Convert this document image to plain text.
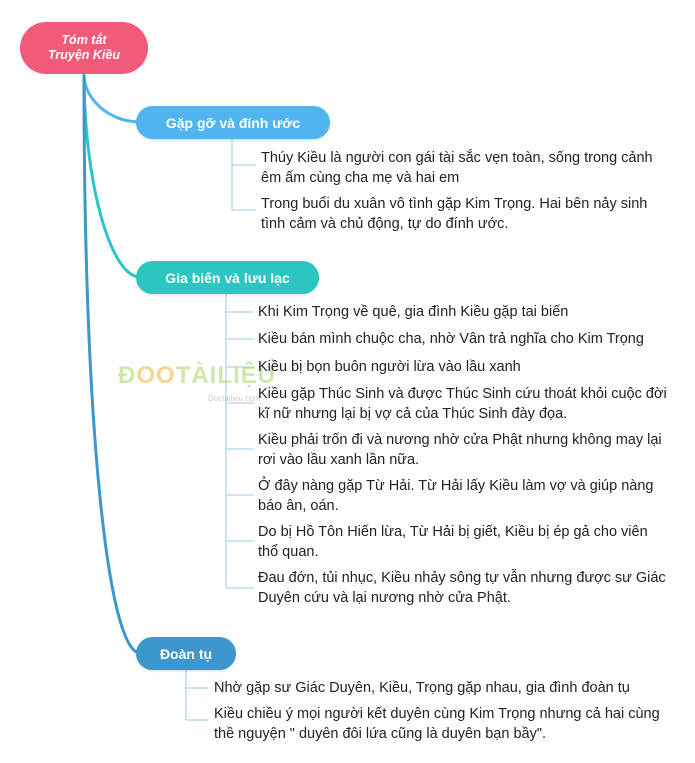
ĐOOTÀILIỆU
Doctailieu.com
Tóm tắt
Truyện Kiều
Gặp gỡ và đính ước
Gia biến và lưu lạc
Đoàn tụ
Thúy Kiều là người con gái tài sắc vẹn toàn, sống trong cảnh êm ấm cùng cha mẹ và hai em
Trong buổi du xuân vô tình gặp Kim Trọng. Hai bên nảy sinh tình cảm và chủ động, tự do đính ước.
Khi Kim Trọng về quê, gia đình Kiều gặp tai biến
Kiều bán mình chuộc cha, nhờ Vân trả nghĩa cho Kim Trọng
Kiều bị bọn buôn người lừa vào lầu xanh
Kiều gặp Thúc Sinh và được Thúc Sinh cứu thoát khỏi cuộc đời kĩ nữ nhưng lại bị vợ cả của Thúc Sinh đày đọa.
Kiều phải trốn đi và nương nhờ cửa Phật nhưng không may lại rơi vào lầu xanh lần nữa.
Ở đây nàng gặp Từ Hải. Từ Hải lấy Kiều làm vợ và giúp nàng báo ân, oán.
Do bị Hồ Tôn Hiến lừa, Từ Hải bị giết, Kiều bị ép gả cho viên thổ quan.
Đau đớn, tủi nhục, Kiều nhảy sông tự vẫn nhưng được sư Giác Duyên cứu và lại nương nhờ cửa Phật.
Nhờ gặp sư Giác Duyên, Kiều, Trọng gặp nhau, gia đình đoàn tụ
Kiều chiều ý mọi người kết duyên cùng Kim Trọng nhưng cả hai cùng thề nguyện " duyên đôi lứa cũng là duyên bạn bầy".
